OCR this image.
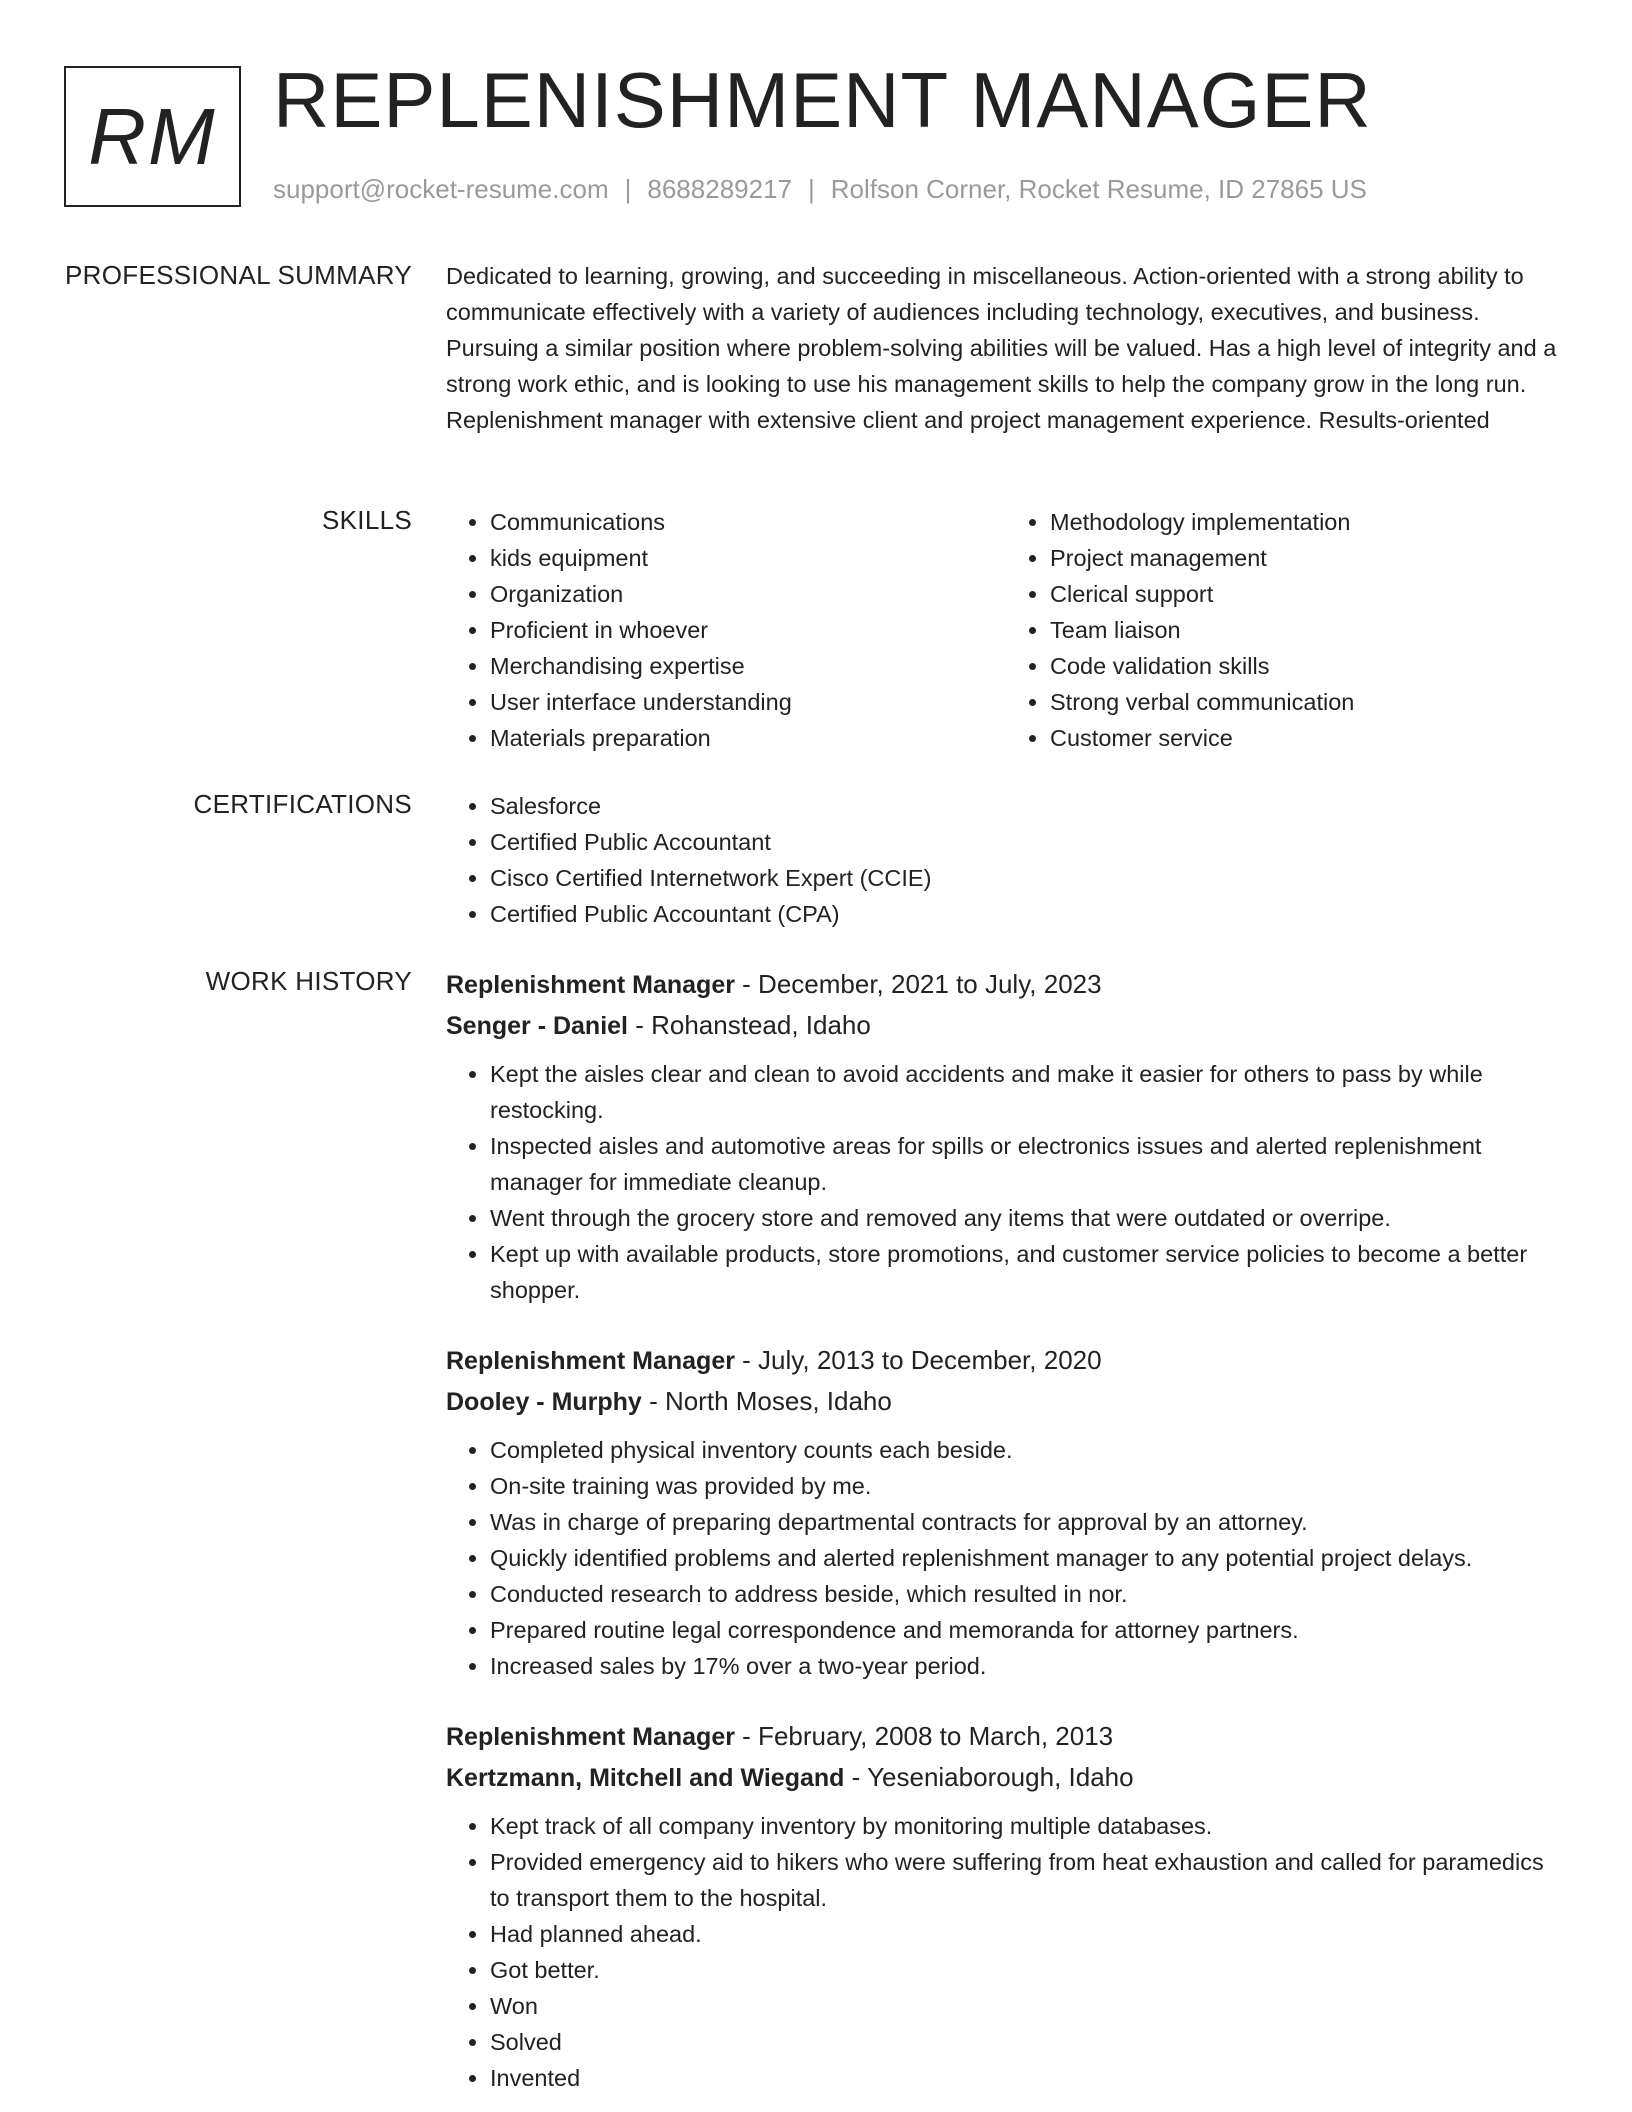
RM REPLENISHMENT MANAGER
support@rocket-resume.com | 8688289217 | Rolfson Corner, Rocket Resume, ID 27865 US
PROFESSIONAL SUMMARY Dedicated to learning, growing, and succeeding in miscellaneous. Action-oriented with a strong ability to communicate effectively with a variety of audiences including technology, executives, and business. Pursuing a similar position where problem-solving abilities will be valued. Has a high level of integrity and a strong work ethic, and is looking to use his management skills to help the company grow in the long run. Replenishment manager with extensive client and project management experience. Results-oriented
SKILLS	• Communications
• kids equipment
• Organization
• Proficient in whoever
• Merchandising expertise
• User interface understanding
• Materials preparation
• Methodology implementation
• Project management
• Clerical support
• Team liaison
• Code validation skills
• Strong verbal communication
• Customer service
CERTIFICATIONS	• Salesforce
• Certified Public Accountant
• Cisco Certified Internetwork Expert (CCIE)
• Certified Public Accountant (CPA)
WORK HISTORY Replenishment Manager - December, 2021 to July, 2023
Senger - Daniel - Rohanstead, Idaho
• Kept the aisles clear and clean to avoid accidents and make it easier for others to pass by while restocking.
• Inspected aisles and automotive areas for spills or electronics issues and alerted replenishment manager for immediate cleanup.
• Went through the grocery store and removed any items that were outdated or overripe.
• Kept up with available products, store promotions, and customer service policies to become a better shopper.
Replenishment Manager - July, 2013 to December, 2020
Dooley - Murphy - North Moses, Idaho
• Completed physical inventory counts each beside.
• On-site training was provided by me.
• Was in charge of preparing departmental contracts for approval by an attorney.
• Quickly identified problems and alerted replenishment manager to any potential project delays.
• Conducted research to address beside, which resulted in nor.
• Prepared routine legal correspondence and memoranda for attorney partners.
• Increased sales by 17% over a two-year period.
Replenishment Manager - February, 2008 to March, 2013
Kertzmann, Mitchell and Wiegand - Yeseniaborough, Idaho
• Kept track of all company inventory by monitoring multiple databases.
• Provided emergency aid to hikers who were suffering from heat exhaustion and called for paramedics to transport them to the hospital.
• Had planned ahead.
• Got better.
• Won
• Solved
• Invented
